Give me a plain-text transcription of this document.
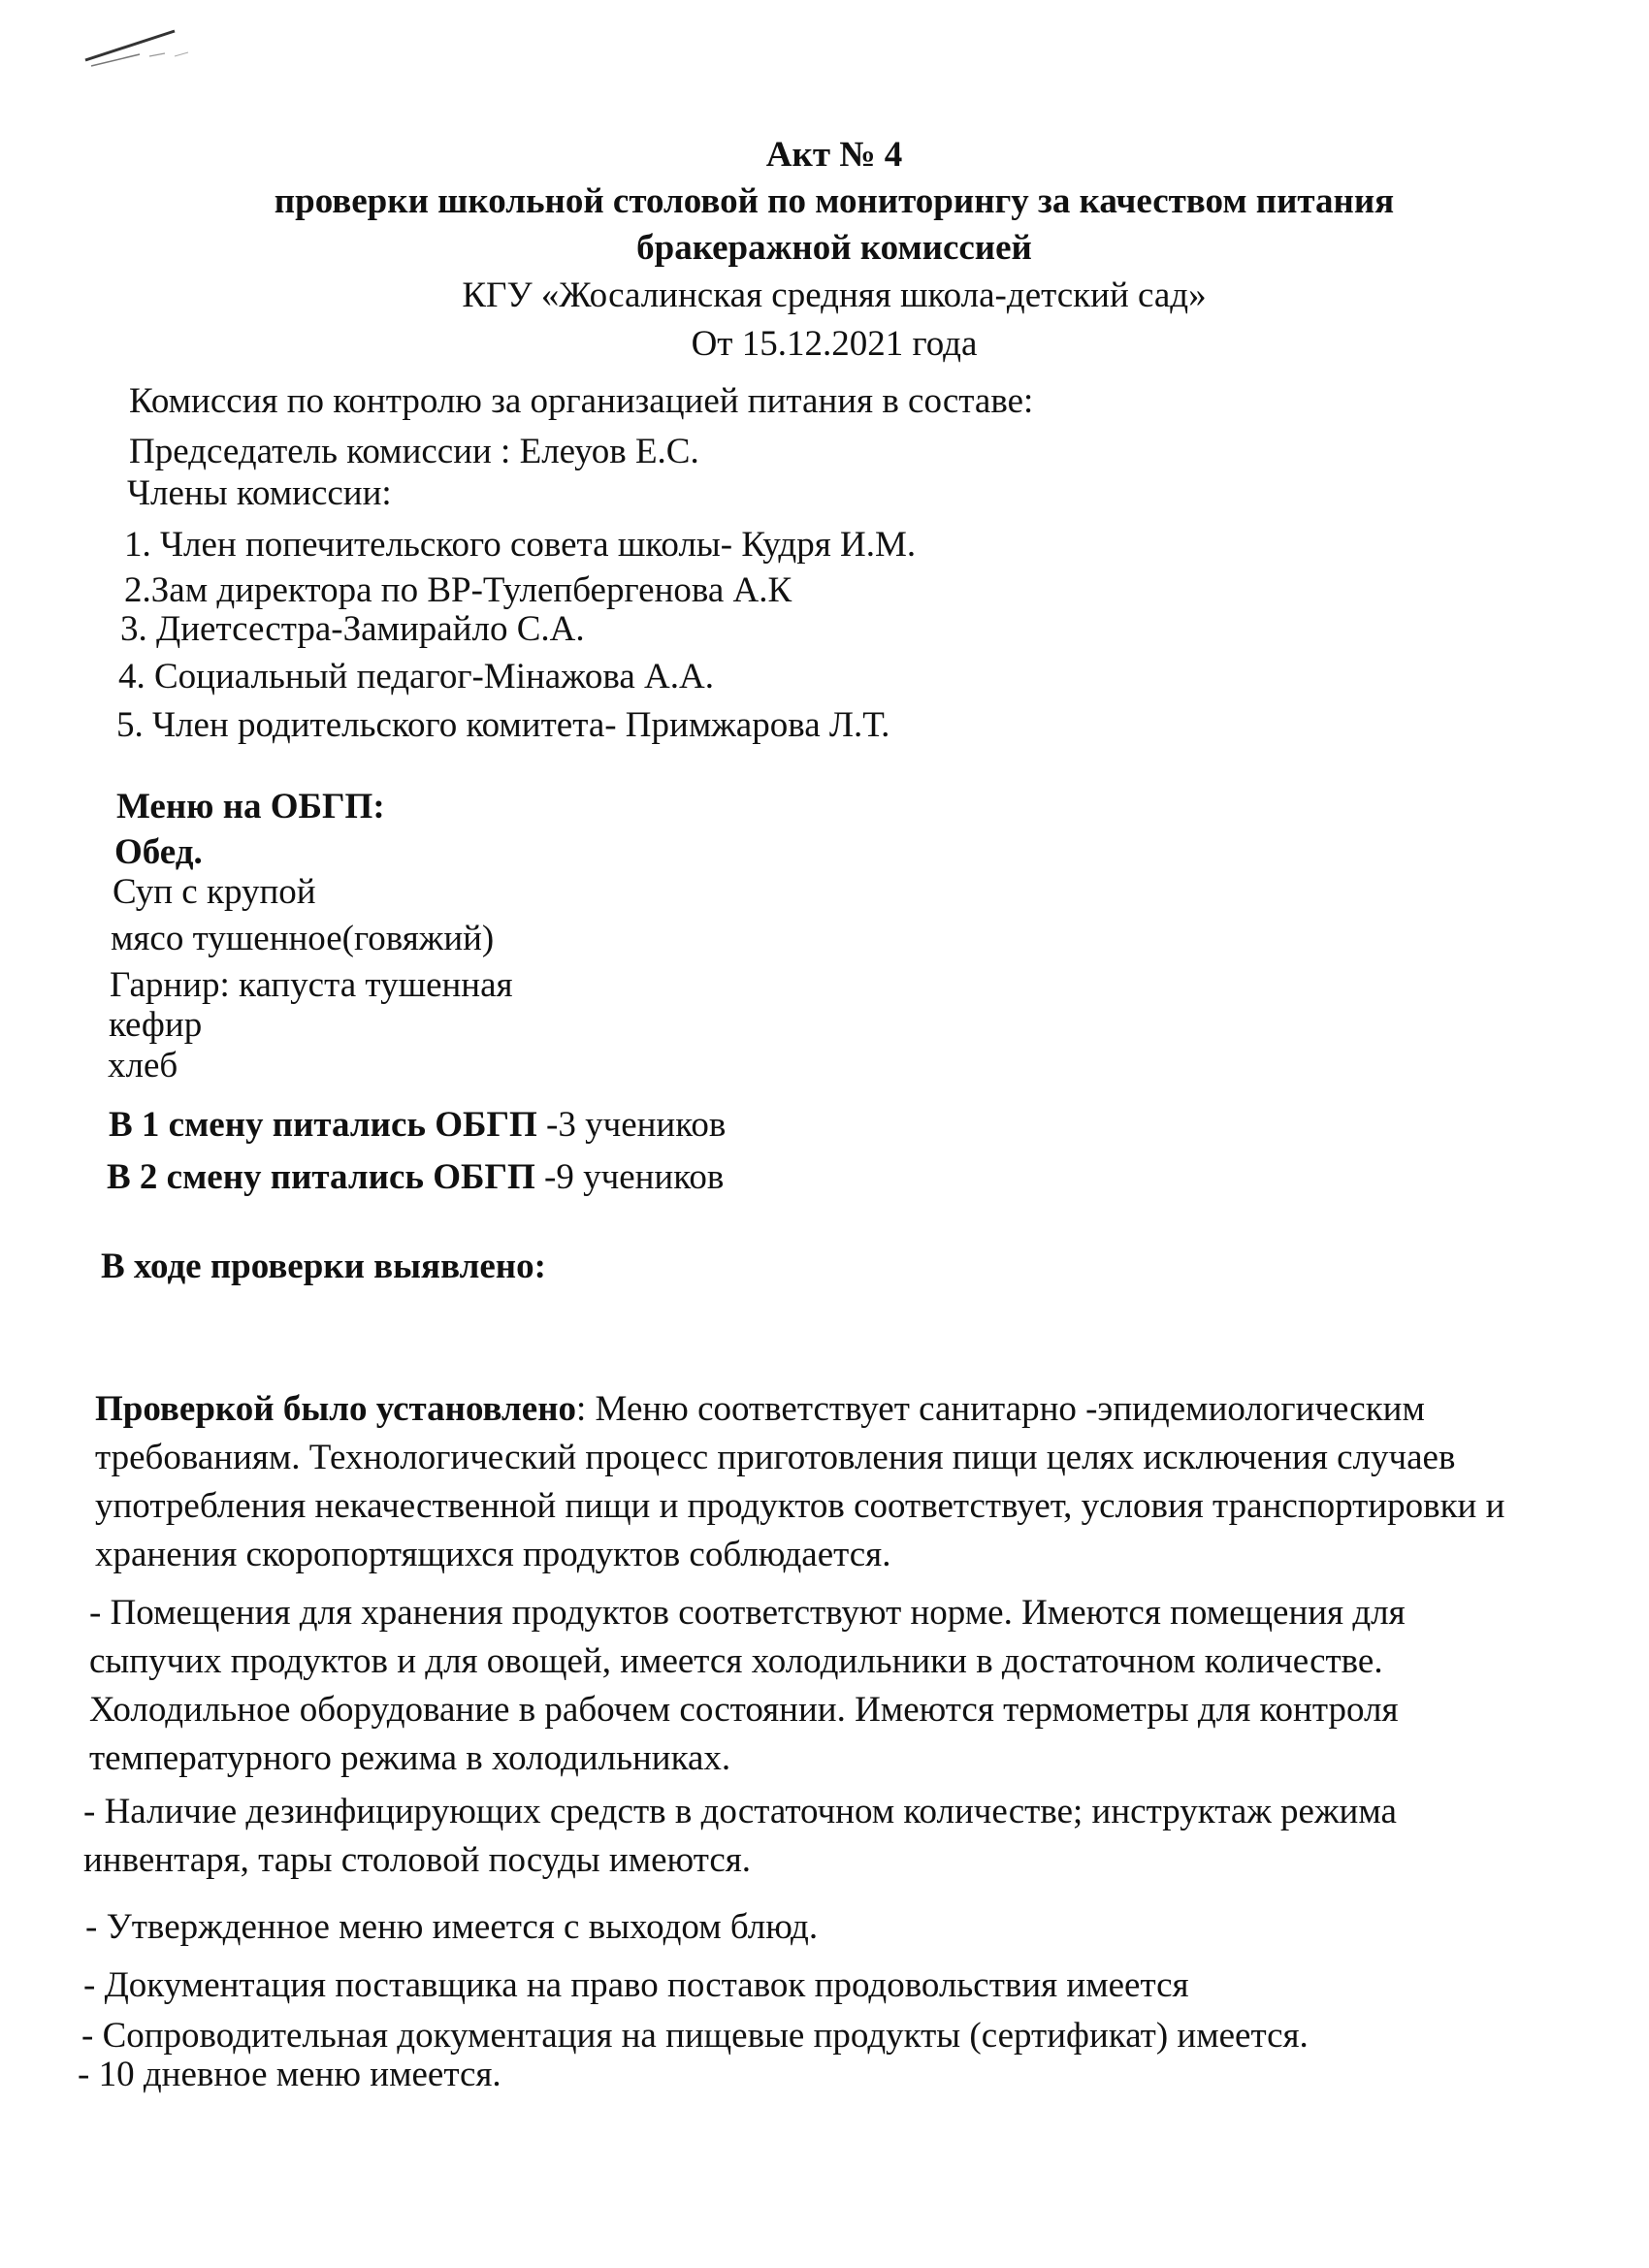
Акт № 4
проверки школьной столовой по мониторингу за качеством питания
бракеражной комиссией
КГУ «Жосалинская средняя школа-детский сад»
От 15.12.2021 года
Комиссия по контролю за организацией питания в составе:
Председатель комиссии : Елеуов Е.С.
Члены комиссии:
1. Член попечительского совета школы- Кудря И.М.
2.Зам директора по ВР-Тулепбергенова А.К
3. Диетсестра-Замирайло С.А.
4. Социальный педагог-Мінажова А.А.
5. Член родительского комитета- Примжарова Л.Т.
Меню на ОБГП:
Обед.
Суп с крупой
мясо тушенное(говяжий)
Гарнир: капуста тушенная
кефир
хлеб
В 1 смену питались ОБГП -3 учеников
В 2 смену питались ОБГП -9 учеников
В ходе проверки выявлено:
Проверкой было установлено: Меню соответствует санитарно -эпидемиологическим требованиям. Технологический процесс приготовления пищи целях исключения случаев употребления некачественной пищи и продуктов соответствует, условия транспортировки и хранения скоропортящихся продуктов соблюдается.
- Помещения для хранения продуктов соответствуют норме. Имеются помещения для сыпучих продуктов и для овощей, имеется холодильники в достаточном количестве. Холодильное оборудование в рабочем состоянии. Имеются термометры для контроля температурного режима в холодильниках.
- Наличие дезинфицирующих средств в достаточном количестве; инструктаж режима инвентаря, тары столовой посуды имеются.
- Утвержденное меню имеется с выходом блюд.
- Документация поставщика на право поставок продовольствия имеется
- Сопроводительная документация на пищевые продукты (сертификат) имеется.
- 10 дневное меню имеется.
